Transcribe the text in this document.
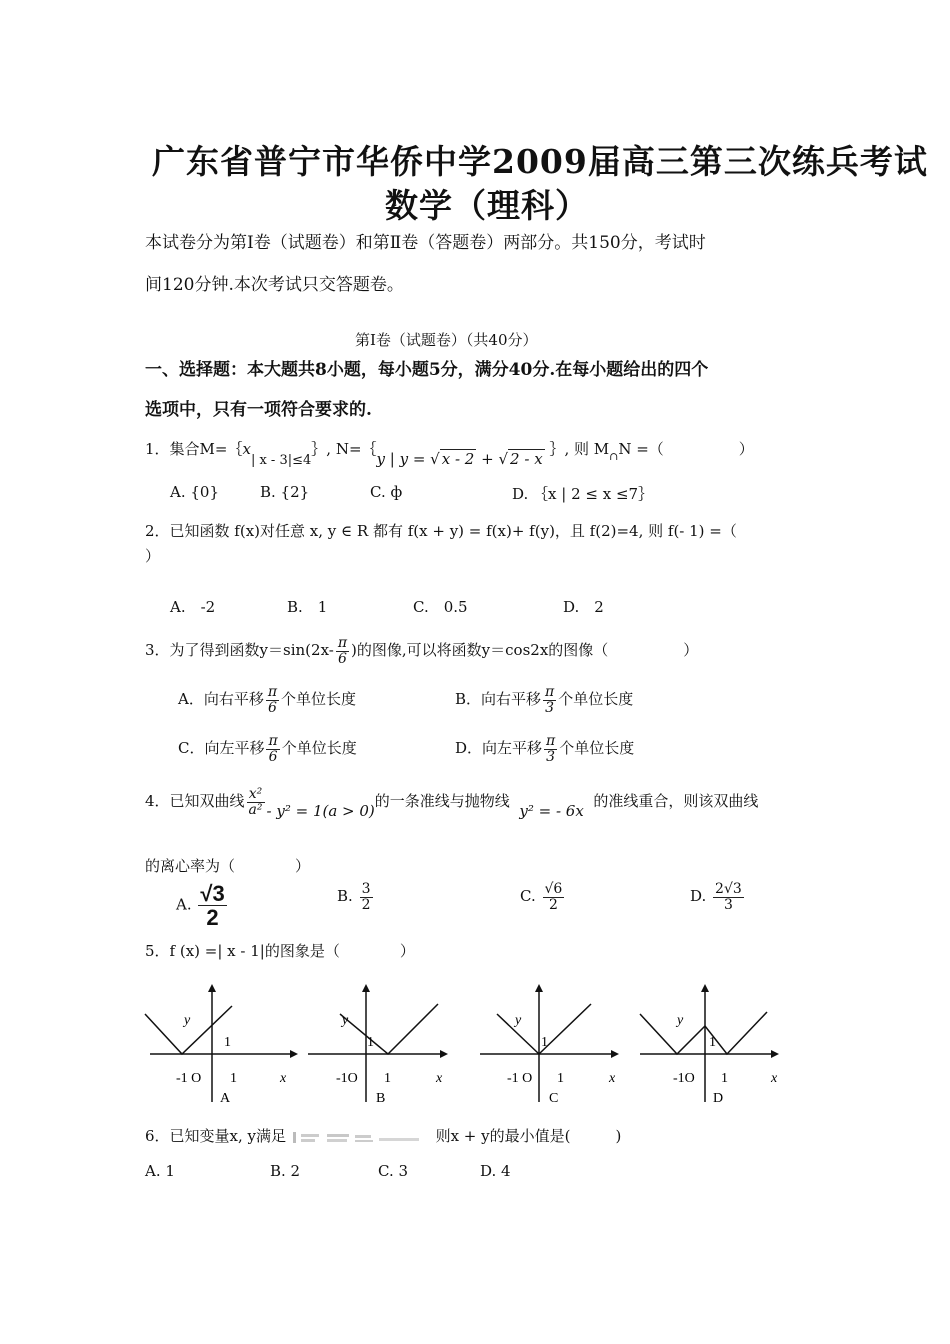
广东省普宁市华侨中学2009届高三第三次练兵考试
数学（理科）
本试卷分为第Ⅰ卷（试题卷）和第Ⅱ卷（答题卷）两部分。共150分，考试时
间120分钟.本次考试只交答题卷。
第Ⅰ卷（试题卷）（共40分）
一、选择题：本大题共8小题，每小题5分，满分40分.在每小题给出的四个
选项中，只有一项符合要求的.
1．集合M=｛x| x - 3|≤4｝, N=｛y | y = √ x - 2 + √ 2 - x ｝, 则 $M_\cap N$ =（　　　　　）
A. {0}	B. {2}	C. ф	D. ｛x | 2 ≤ x ≤7｝
2．已知函数 f(x)对任意 x, y ∈ R 都有 f(x + y) = f(x)+ f(y)，且 f(2)=4, 则 f(- 1) =（
）
A.　-2	B.　1	C.　0.5	D.　2
3．为了得到函数$y=\sin(2x- \frac{\pi}{6}$ )的图像,可以将函数y＝cos2x的图像（　　　　　）
A．向右平移 $\frac{\pi}{6}$ 个单位长度	B．向右平移 $\frac{\pi}{3}$ 个单位长度
C．向左平移 $\frac{\pi}{6}$ 个单位长度	D．向左平移 $\frac{\pi}{3}$ 个单位长度
4．已知双曲线 $\frac{\text{x²}}{\text{a²}} - y^2 = 1(a > 0)$的一条准线与抛物线  y² = - 6x  的准线重合，则该双曲线
的离心率为（　　　　）
A. $\frac{√3}{2}$	B. $\frac{3}{2}$	C. $\frac{√6}{2}$	D. $\frac{2√3}{3}$
5．f (x) =| x - 1|的图象是（　　　　）
y
1
-1 O 1	x
A
y
1
-1O 1	x
B
y
1
-1 O 1	x
C
y
1
-1O 1	x
D
6．已知变量x, y满足	则x + y的最小值是(　　　)
A. 1	B. 2	C. 3	D. 4
